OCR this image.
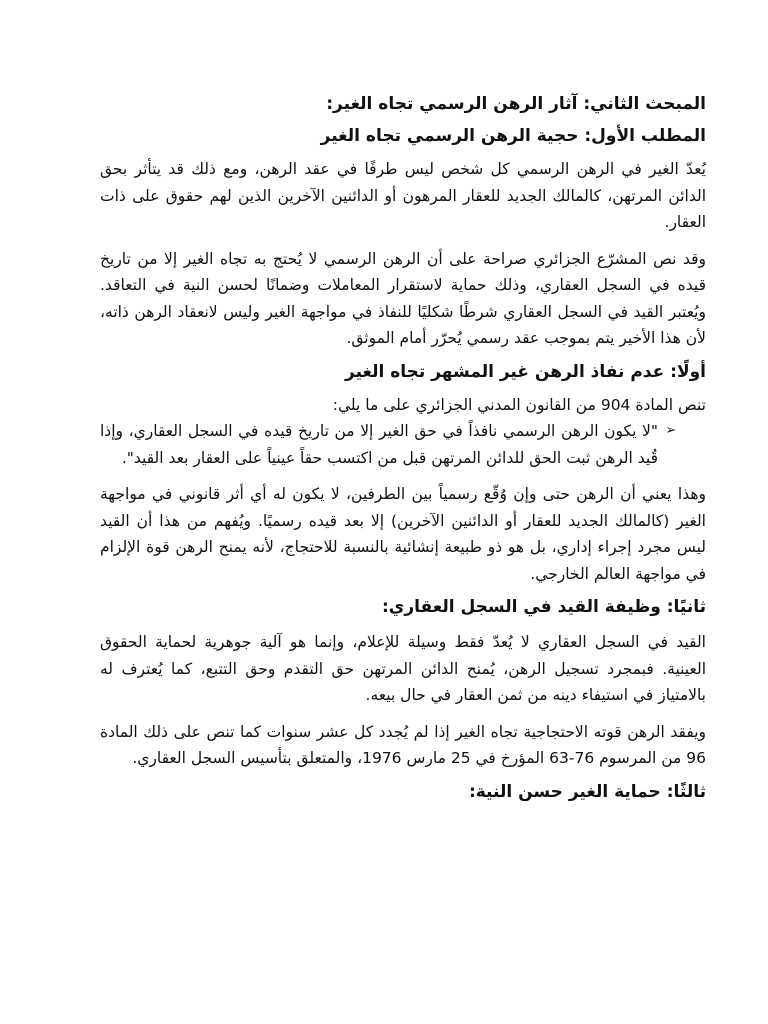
المبحث الثاني: آثار الرهن الرسمي تجاه الغير:

المطلب الأول: حجية الرهن الرسمي تجاه الغير

يُعدّ الغير في الرهن الرسمي كل شخص ليس طرفًا في عقد الرهن، ومع ذلك قد يتأثر بحق الدائن المرتهن، كالمالك الجديد للعقار المرهون أو الدائنين الآخرين الذين لهم حقوق على ذات العقار.

وقد نص المشرّع الجزائري صراحة على أن الرهن الرسمي لا يُحتج به تجاه الغير إلا من تاريخ قيده في السجل العقاري، وذلك حماية لاستقرار المعاملات وضمانًا لحسن النية في التعاقد. ويُعتبر القيد في السجل العقاري شرطًا شكليًا للنفاذ في مواجهة الغير وليس لانعقاد الرهن ذاته، لأن هذا الأخير يتم بموجب عقد رسمي يُحرّر أمام الموثق.

أولًا: عدم نفاذ الرهن غير المشهر تجاه الغير

تنص المادة 904 من القانون المدني الجزائري على ما يلي:

➢

"لا يكون الرهن الرسمي نافذاً في حق الغير إلا من تاريخ قيده في السجل العقاري، وإذا قُيد الرهن ثبت الحق للدائن المرتهن قبل من اكتسب حقاً عينياً على العقار بعد القيد".

وهذا يعني أن الرهن حتى وإن وُقّع رسمياً بين الطرفين، لا يكون له أي أثر قانوني في مواجهة الغير (كالمالك الجديد للعقار أو الدائنين الآخرين) إلا بعد قيده رسميًا. ويُفهم من هذا أن القيد ليس مجرد إجراء إداري، بل هو ذو طبيعة إنشائية بالنسبة للاحتجاج، لأنه يمنح الرهن قوة الإلزام في مواجهة العالم الخارجي.

ثانيًا: وظيفة القيد في السجل العقاري:

القيد في السجل العقاري لا يُعدّ فقط وسيلة للإعلام، وإنما هو آلية جوهرية لحماية الحقوق العينية. فبمجرد تسجيل الرهن، يُمنح الدائن المرتهن حق التقدم وحق التتبع، كما يُعترف له بالامتياز في استيفاء دينه من ثمن العقار في حال بيعه.

ويفقد الرهن قوته الاحتجاجية تجاه الغير إذا لم يُجدد كل عشر سنوات كما تنص على ذلك المادة 96 من المرسوم 76-63 المؤرخ في 25 مارس 1976، والمتعلق بتأسيس السجل العقاري.

ثالثًا: حماية الغير حسن النية:
